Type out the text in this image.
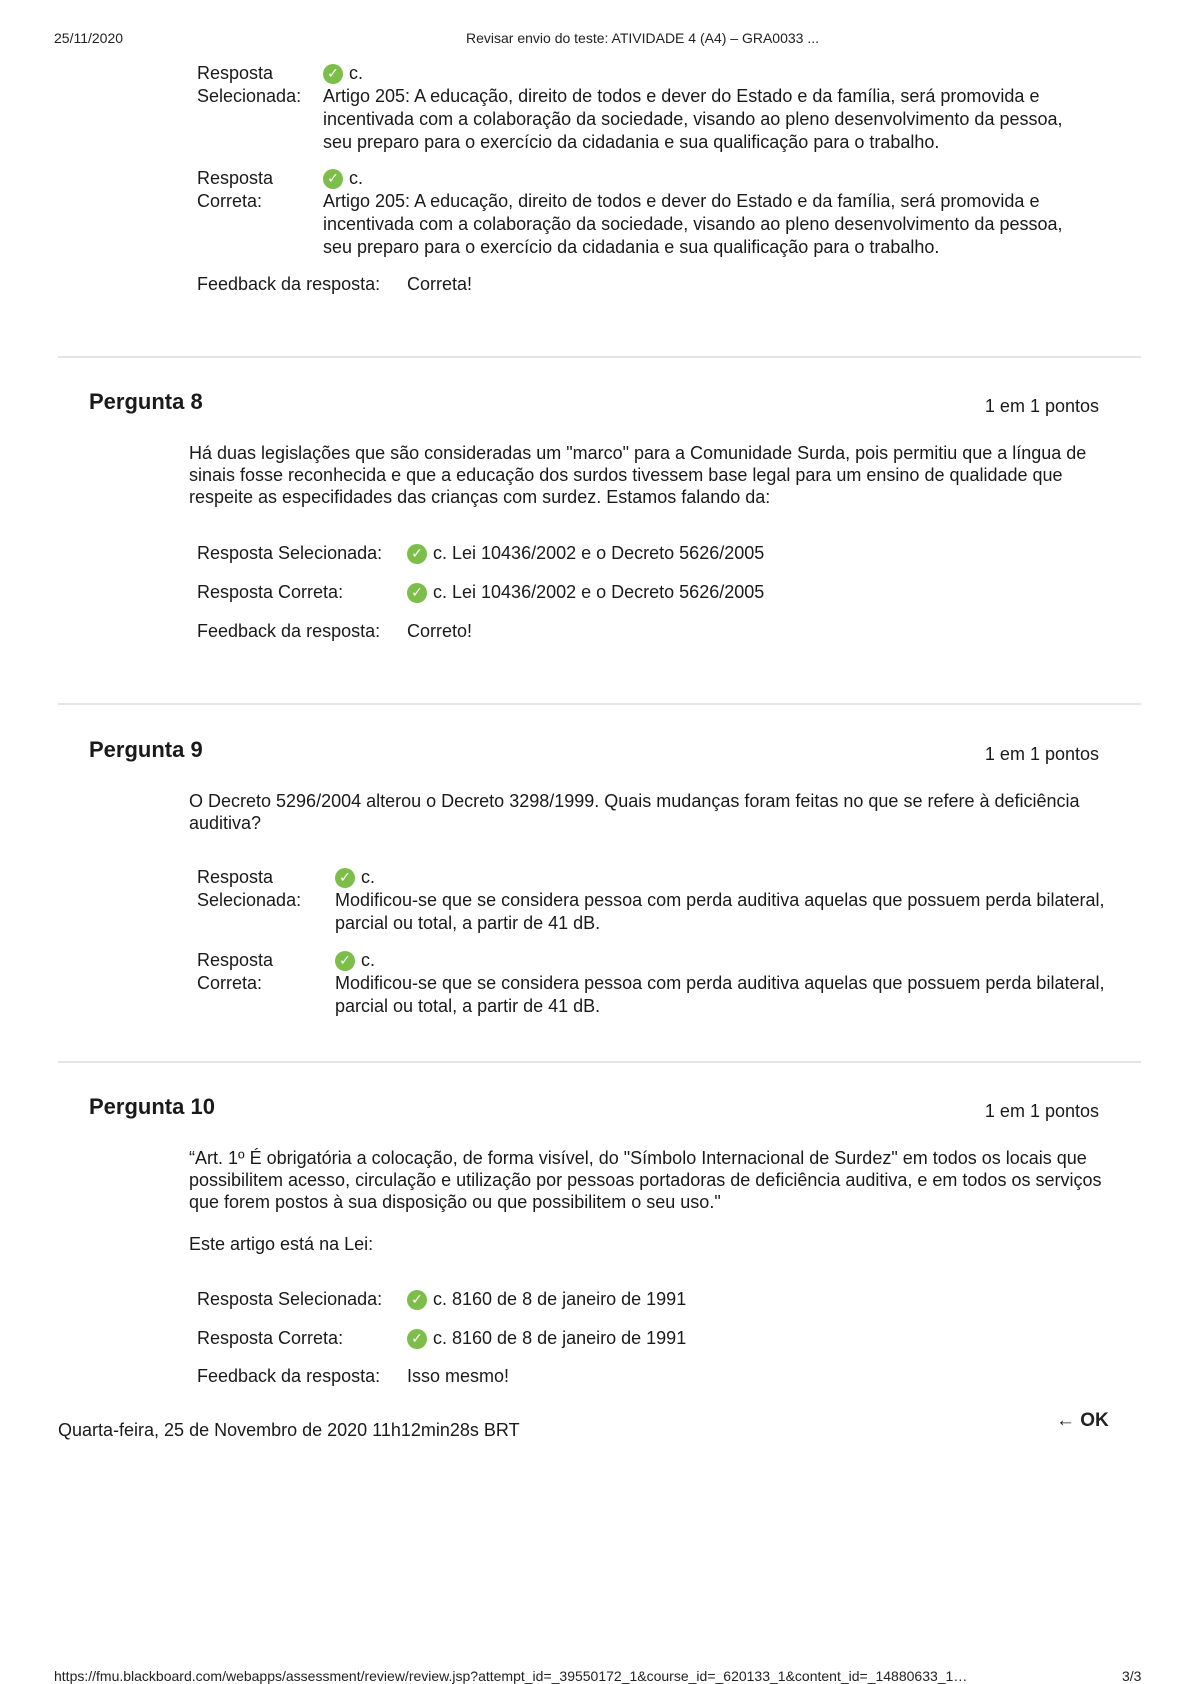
25/11/2020	Revisar envio do teste: ATIVIDADE 4 (A4) – GRA0033 ...
Resposta
Selecionada:
✓ c.
Artigo 205: A educação, direito de todos e dever do Estado e da família, será promovida e incentivada com a colaboração da sociedade, visando ao pleno desenvolvimento da pessoa, seu preparo para o exercício da cidadania e sua qualificação para o trabalho.
Resposta
Correta:
✓ c.
Artigo 205: A educação, direito de todos e dever do Estado e da família, será promovida e incentivada com a colaboração da sociedade, visando ao pleno desenvolvimento da pessoa, seu preparo para o exercício da cidadania e sua qualificação para o trabalho.
Feedback da resposta: Correta!
Pergunta 8	1 em 1 pontos
Há duas legislações que são consideradas um "marco" para a Comunidade Surda, pois permitiu que a língua de sinais fosse reconhecida e que a educação dos surdos tivessem base legal para um ensino de qualidade que respeite as especifidades das crianças com surdez. Estamos falando da:
Resposta Selecionada: ✓ c. Lei 10436/2002 e o Decreto 5626/2005
Resposta Correta:	✓ c. Lei 10436/2002 e o Decreto 5626/2005
Feedback da resposta: Correto!
Pergunta 9	1 em 1 pontos
O Decreto 5296/2004 alterou o Decreto 3298/1999. Quais mudanças foram feitas no que se refere à deficiência auditiva?
Resposta
Selecionada:
✓ c.
Modificou-se que se considera pessoa com perda auditiva aquelas que possuem perda bilateral, parcial ou total, a partir de 41 dB.
Resposta
Correta:
✓ c.
Modificou-se que se considera pessoa com perda auditiva aquelas que possuem perda bilateral, parcial ou total, a partir de 41 dB.
Pergunta 10	1 em 1 pontos
“Art. 1º É obrigatória a colocação, de forma visível, do "Símbolo Internacional de Surdez" em todos os locais que possibilitem acesso, circulação e utilização por pessoas portadoras de deficiência auditiva, e em todos os serviços que forem postos à sua disposição ou que possibilitem o seu uso."
Este artigo está na Lei:
Resposta Selecionada: ✓ c. 8160 de 8 de janeiro de 1991
Resposta Correta:	✓ c. 8160 de 8 de janeiro de 1991
Feedback da resposta: Isso mesmo!
Quarta-feira, 25 de Novembro de 2020 11h12min28s BRT	← OK
https://fmu.blackboard.com/webapps/assessment/review/review.jsp?attempt_id=_39550172_1&course_id=_620133_1&content_id=_14880633_1…	3/3
